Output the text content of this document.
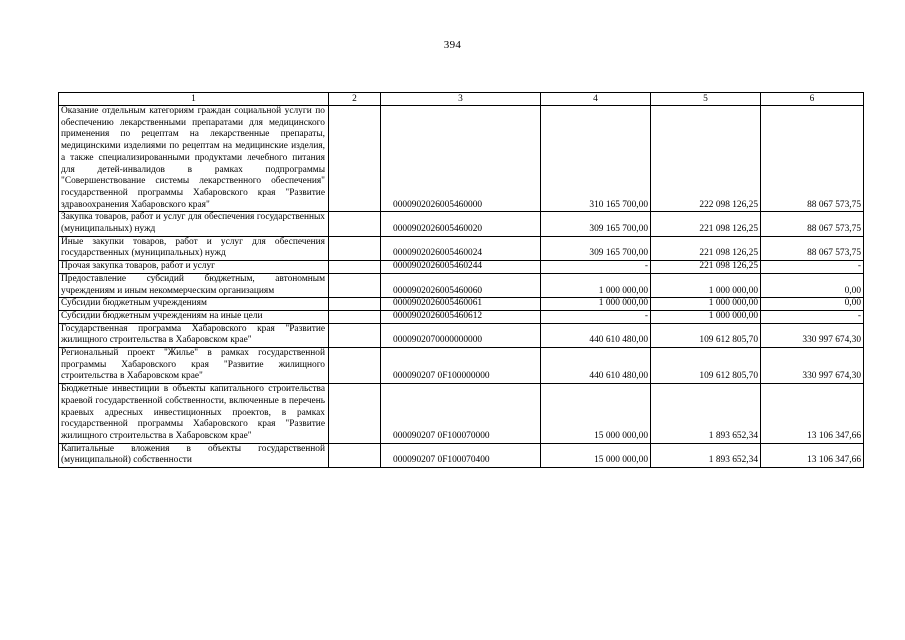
394
1	2	3	4	5	6
Оказание отдельным категориям граждан социальной услуги по обеспечению лекарственными препаратами для медицинского применения по рецептам на лекарственные препараты, медицинскими изделиями по рецептам на медицинские изделия, а также специализированными продуктами лечебного питания для детей-инвалидов в рамках подпрограммы "Совершенствование системы лекарственного обеспечения" государственной программы Хабаровского края "Развитие здравоохранения Хабаровского края"		0000902026005460000	310 165 700,00	222 098 126,25	88 067 573,75
Закупка товаров, работ и услуг для обеспечения государственных (муниципальных) нужд		0000902026005460020	309 165 700,00	221 098 126,25	88 067 573,75
Иные закупки товаров, работ и услуг для обеспечения государственных (муниципальных) нужд		0000902026005460024	309 165 700,00	221 098 126,25	88 067 573,75
Прочая закупка товаров, работ и услуг		0000902026005460244	-	221 098 126,25	-
Предоставление субсидий бюджетным, автономным учреждениям и иным некоммерческим организациям		0000902026005460060	1 000 000,00	1 000 000,00	0,00
Субсидии бюджетным учреждениям		0000902026005460061	1 000 000,00	1 000 000,00	0,00
Субсидии бюджетным учреждениям на иные цели		0000902026005460612	-	1 000 000,00	-
Государственная программа Хабаровского края "Развитие жилищного строительства в Хабаровском крае"		0000902070000000000	440 610 480,00	109 612 805,70	330 997 674,30
Региональный проект "Жилье" в рамках государственной программы Хабаровского края "Развитие жилищного строительства в Хабаровском крае"		000090207 0F100000000	440 610 480,00	109 612 805,70	330 997 674,30
Бюджетные инвестиции в объекты капитального строительства краевой государственной собственности, включенные в перечень краевых адресных инвестиционных проектов, в рамках государственной программы Хабаровского края "Развитие жилищного строительства в Хабаровском крае"		000090207 0F100070000	15 000 000,00	1 893 652,34	13 106 347,66
Капитальные вложения в объекты государственной (муниципальной) собственности		000090207 0F100070400	15 000 000,00	1 893 652,34	13 106 347,66
